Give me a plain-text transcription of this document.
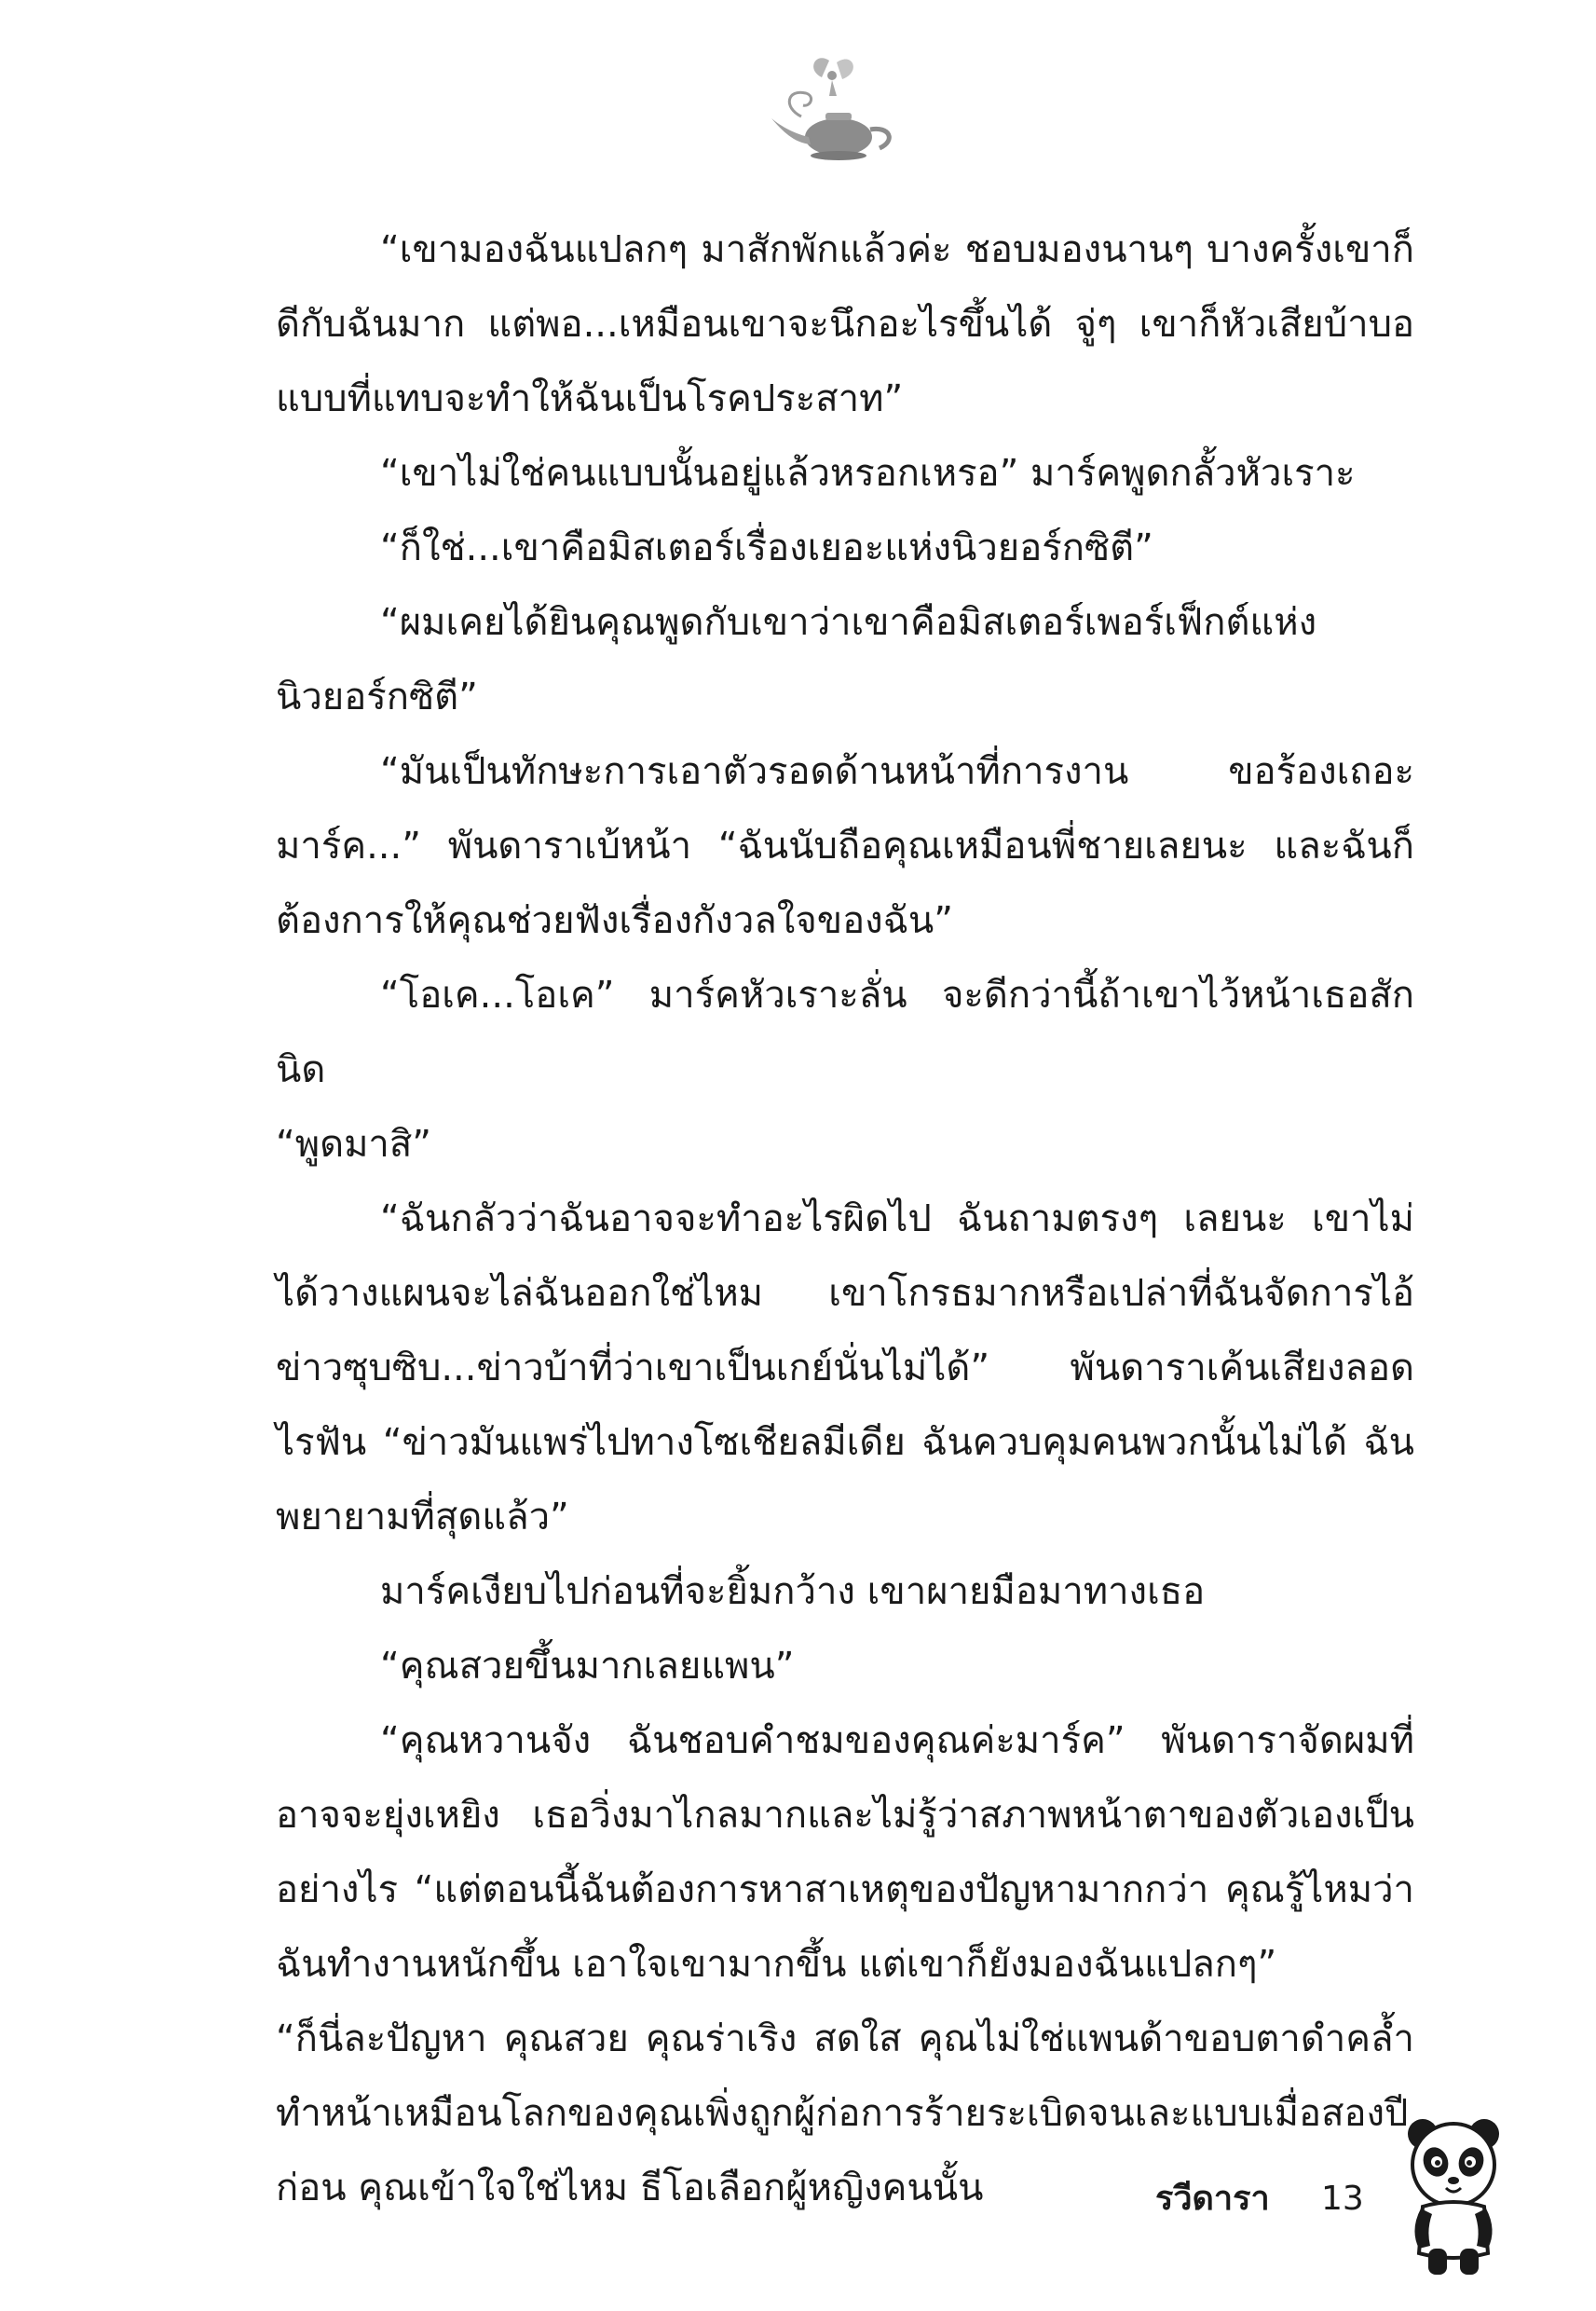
“เขามองฉันแปลกๆ มาสักพักแล้วค่ะ ชอบมองนานๆ บางครั้งเขาก็ดีกับฉันมาก แต่พอ...เหมือนเขาจะนึกอะไรขึ้นได้ จู่ๆ เขาก็หัวเสียบ้าบอแบบที่แทบจะทำให้ฉันเป็นโรคประสาท”

“เขาไม่ใช่คนแบบนั้นอยู่แล้วหรอกเหรอ” มาร์คพูดกลั้วหัวเราะ

“ก็ใช่...เขาคือมิสเตอร์เรื่องเยอะแห่งนิวยอร์กซิตี”

“ผมเคยได้ยินคุณพูดกับเขาว่าเขาคือมิสเตอร์เพอร์เฟ็กต์แห่งนิวยอร์กซิตี”

“มันเป็นทักษะการเอาตัวรอดด้านหน้าที่การงาน ขอร้องเถอะมาร์ค...” พันดาราเบ้หน้า “ฉันนับถือคุณเหมือนพี่ชายเลยนะ และฉันก็ต้องการให้คุณช่วยฟังเรื่องกังวลใจของฉัน”

“โอเค...โอเค” มาร์คหัวเราะลั่น จะดีกว่านี้ถ้าเขาไว้หน้าเธอสักนิด

“พูดมาสิ”

“ฉันกลัวว่าฉันอาจจะทำอะไรผิดไป ฉันถามตรงๆ เลยนะ เขาไม่ได้วางแผนจะไล่ฉันออกใช่ไหม เขาโกรธมากหรือเปล่าที่ฉันจัดการไอ้ข่าวซุบซิบ...ข่าวบ้าที่ว่าเขาเป็นเกย์นั่นไม่ได้” พันดาราเค้นเสียงลอดไรฟัน “ข่าวมันแพร่ไปทางโซเชียลมีเดีย ฉันควบคุมคนพวกนั้นไม่ได้ ฉันพยายามที่สุดแล้ว”

มาร์คเงียบไปก่อนที่จะยิ้มกว้าง เขาผายมือมาทางเธอ

“คุณสวยขึ้นมากเลยแพน”

“คุณหวานจัง ฉันชอบคำชมของคุณค่ะมาร์ค” พันดาราจัดผมที่อาจจะยุ่งเหยิง เธอวิ่งมาไกลมากและไม่รู้ว่าสภาพหน้าตาของตัวเองเป็นอย่างไร “แต่ตอนนี้ฉันต้องการหาสาเหตุของปัญหามากกว่า คุณรู้ไหมว่าฉันทำงานหนักขึ้น เอาใจเขามากขึ้น แต่เขาก็ยังมองฉันแปลกๆ”

“ก็นี่ละปัญหา คุณสวย คุณร่าเริง สดใส คุณไม่ใช่แพนด้าขอบตาดำคล้ำ ทำหน้าเหมือนโลกของคุณเพิ่งถูกผู้ก่อการร้ายระเบิดจนเละแบบเมื่อสองปีก่อน คุณเข้าใจใช่ไหม ธีโอเลือกผู้หญิงคนนั้น	รวีดารา 13
